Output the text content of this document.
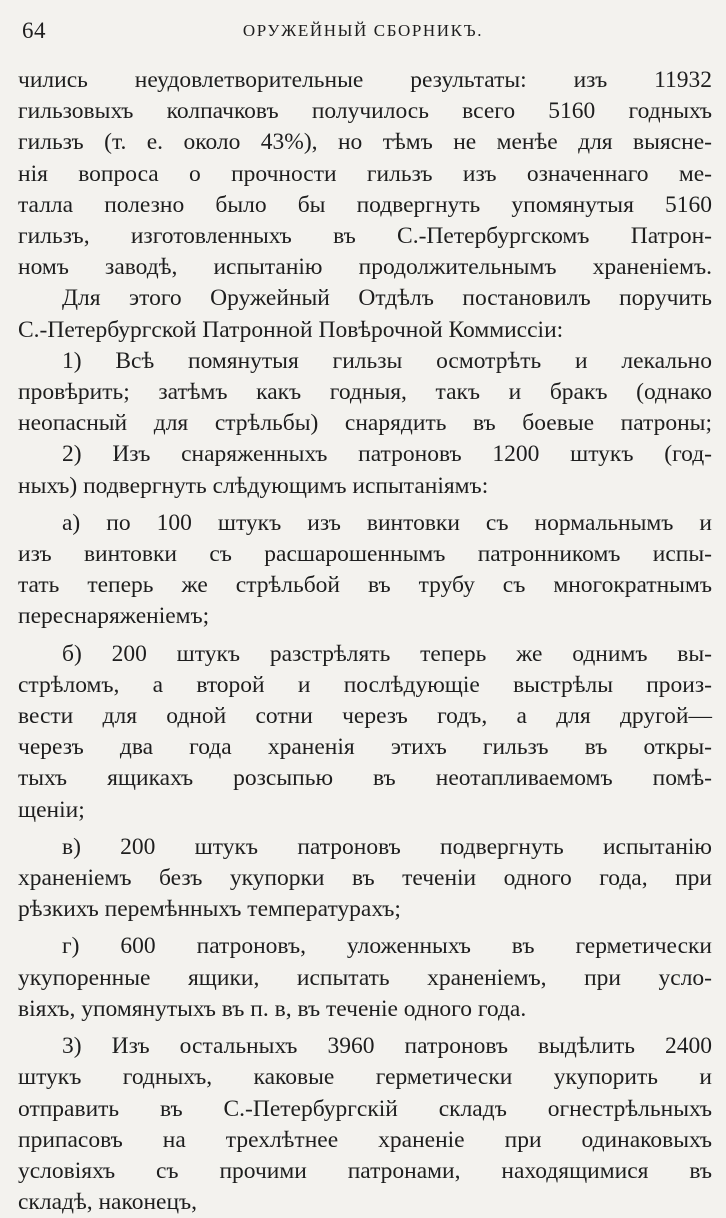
64	ОРУЖЕЙНЫЙ СБОРНИКЪ.
чились неудовлетворительные результаты: изъ 11932
гильзовыхъ колпачковъ получилось всего 5160 годныхъ
гильзъ (т. е. около 43%), но тѣмъ не менѣе для выясне-
нія вопроса о прочности гильзъ изъ означеннаго ме-
талла полезно было бы подвергнуть упомянутыя 5160
гильзъ, изготовленныхъ въ С.-Петербургскомъ Патрон-
номъ заводѣ, испытанію продолжительнымъ храненіемъ.
Для этого Оружейный Отдѣлъ постановилъ поручить
С.-Петербургской Патронной Повѣрочной Коммиссіи:
1) Всѣ помянутыя гильзы осмотрѣть и лекально
провѣрить; затѣмъ какъ годныя, такъ и бракъ (однако
неопасный для стрѣльбы) снарядить въ боевые патроны;
2) Изъ снаряженныхъ патроновъ 1200 штукъ (год-
ныхъ) подвергнуть слѣдующимъ испытаніямъ:
а) по 100 штукъ изъ винтовки съ нормальнымъ и
изъ винтовки съ расшарошеннымъ патронникомъ испы-
тать теперь же стрѣльбой въ трубу съ многократнымъ
переснаряженіемъ;
б) 200 штукъ разстрѣлять теперь же однимъ вы-
стрѣломъ, а второй и послѣдующіе выстрѣлы произ-
вести для одной сотни черезъ годъ, а для другой—
черезъ два года храненія этихъ гильзъ въ откры-
тыхъ ящикахъ розсыпью въ неотапливаемомъ помѣ-
щеніи;
в) 200 штукъ патроновъ подвергнуть испытанію
храненіемъ безъ укупорки въ теченіи одного года, при
рѣзкихъ перемѣнныхъ температурахъ;
г) 600 патроновъ, уложенныхъ въ герметически
укупоренные ящики, испытать храненіемъ, при усло-
віяхъ, упомянутыхъ въ п. в, въ теченіе одного года.
3) Изъ остальныхъ 3960 патроновъ выдѣлить 2400
штукъ годныхъ, каковые герметически укупорить и
отправить въ С.-Петербургскій складъ огнестрѣльныхъ
припасовъ на трехлѣтнее храненіе при одинаковыхъ
условіяхъ съ прочими патронами, находящимися въ
складѣ, наконецъ,
